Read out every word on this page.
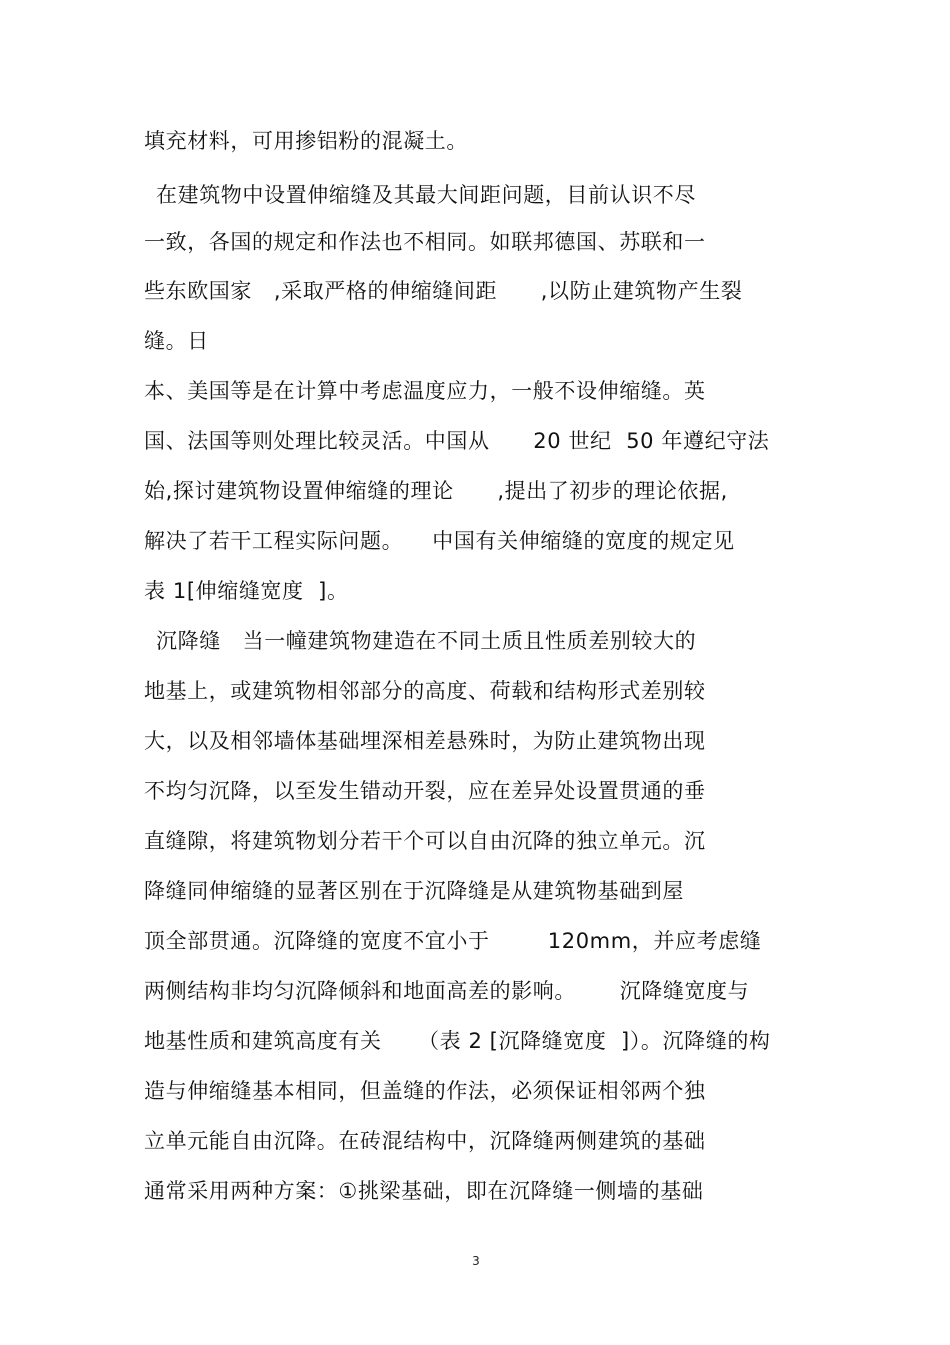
填充材料，可用掺铝粉的混凝土。
在建筑物中设置伸缩缝及其最大间距问题，目前认识不尽
一致，各国的规定和作法也不相同。如联邦德国、苏联和一
些东欧国家   ,采取严格的伸缩缝间距      ,以防止建筑物产生裂
缝。日
本、美国等是在计算中考虑温度应力，一般不设伸缩缝。英
国、法国等则处理比较灵活。中国从      20 世纪  50 年遵纪守法
始,探讨建筑物设置伸缩缝的理论      ,提出了初步的理论依据,
解决了若干工程实际问题。    中国有关伸缩缝的宽度的规定见
表 1[伸缩缝宽度  ]。
沉降缝   当一幢建筑物建造在不同土质且性质差别较大的
地基上，或建筑物相邻部分的高度、荷载和结构形式差别较
大，以及相邻墙体基础埋深相差悬殊时，为防止建筑物出现
不均匀沉降，以至发生错动开裂，应在差异处设置贯通的垂
直缝隙，将建筑物划分若干个可以自由沉降的独立单元。沉
降缝同伸缩缝的显著区别在于沉降缝是从建筑物基础到屋
顶全部贯通。沉降缝的宽度不宜小于        120mm，并应考虑缝
两侧结构非均匀沉降倾斜和地面高差的影响。      沉降缝宽度与
地基性质和建筑高度有关     （表 2 [沉降缝宽度  ]）。沉降缝的构
造与伸缩缝基本相同，但盖缝的作法，必须保证相邻两个独
立单元能自由沉降。在砖混结构中，沉降缝两侧建筑的基础
通常采用两种方案：①挑梁基础，即在沉降缝一侧墙的基础
3
